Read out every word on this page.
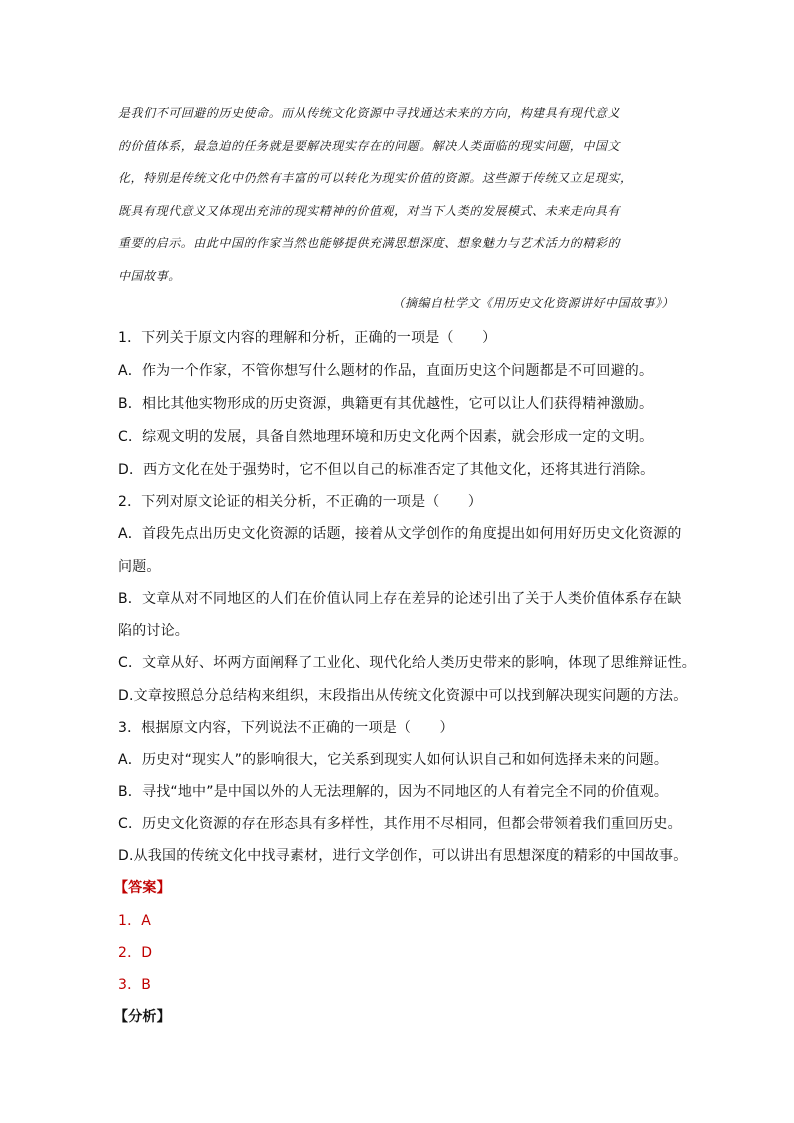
是我们不可回避的历史使命。而从传统文化资源中寻找通达未来的方向，构建具有现代意义
的价值体系，最急迫的任务就是要解决现实存在的问题。解决人类面临的现实问题，中国文
化，特别是传统文化中仍然有丰富的可以转化为现实价值的资源。这些源于传统又立足现实，
既具有现代意义又体现出充沛的现实精神的价值观，对当下人类的发展模式、未来走向具有
重要的启示。由此中国的作家当然也能够提供充满思想深度、想象魅力与艺术活力的精彩的
中国故事。
（摘编自杜学文《用历史文化资源讲好中国故事》）
1．下列关于原文内容的理解和分析，正确的一项是（　　）
A．作为一个作家，不管你想写什么题材的作品，直面历史这个问题都是不可回避的。
B．相比其他实物形成的历史资源，典籍更有其优越性，它可以让人们获得精神激励。
C．综观文明的发展，具备自然地理环境和历史文化两个因素，就会形成一定的文明。
D．西方文化在处于强势时，它不但以自己的标准否定了其他文化，还将其进行消除。
2．下列对原文论证的相关分析，不正确的一项是（　　）
A．首段先点出历史文化资源的话题，接着从文学创作的角度提出如何用好历史文化资源的
问题。
B．文章从对不同地区的人们在价值认同上存在差异的论述引出了关于人类价值体系存在缺
陷的讨论。
C．文章从好、坏两方面阐释了工业化、现代化给人类历史带来的影响，体现了思维辩证性。
D.文章按照总分总结构来组织，末段指出从传统文化资源中可以找到解决现实问题的方法。
3．根据原文内容，下列说法不正确的一项是（　　）
A．历史对“现实人”的影响很大，它关系到现实人如何认识自己和如何选择未来的问题。
B．寻找“地中”是中国以外的人无法理解的，因为不同地区的人有着完全不同的价值观。
C．历史文化资源的存在形态具有多样性，其作用不尽相同，但都会带领着我们重回历史。
D.从我国的传统文化中找寻素材，进行文学创作，可以讲出有思想深度的精彩的中国故事。
【答案】
1．A
2．D
3．B
【分析】
